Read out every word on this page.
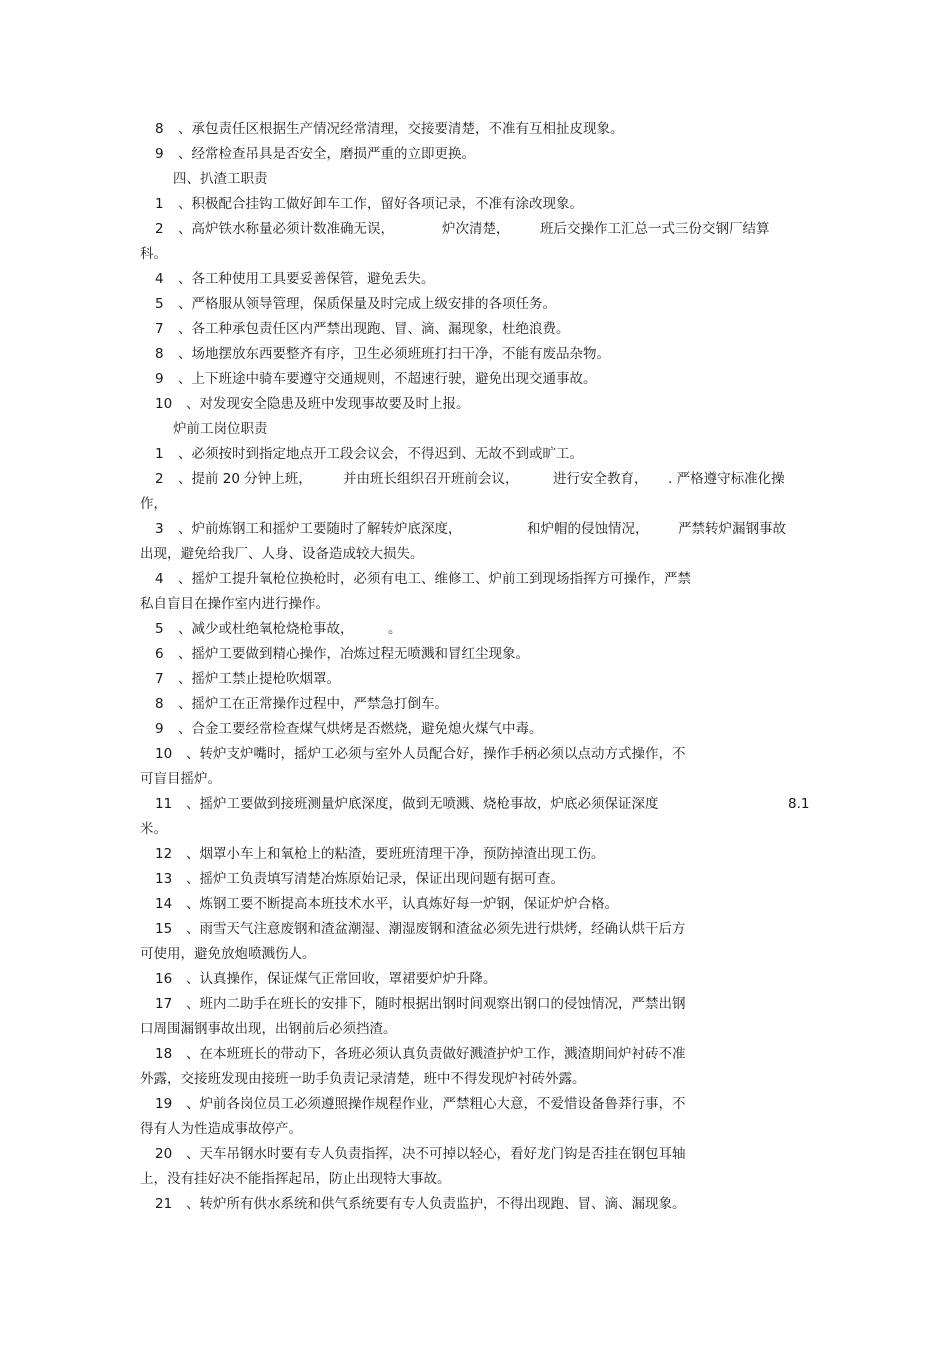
8 、承包责任区根据生产情况经常清理，交接要清楚，不准有互相扯皮现象。
9 、经常检查吊具是否安全，磨损严重的立即更换。
四、扒渣工职责
1 、积极配合挂钩工做好卸车工作，留好各项记录，不准有涂改现象。
2 、高炉铁水称量必须计数准确无误，	炉次清楚， 班后交操作工汇总一式三份交钢厂结算
科。
4 、各工种使用工具要妥善保管，避免丢失。
5 、严格服从领导管理，保质保量及时完成上级安排的各项任务。
7 、各工种承包责任区内严禁出现跑、冒、滴、漏现象，杜绝浪费。
8 、场地摆放东西要整齐有序，卫生必须班班打扫干净，不能有废品杂物。
9 、上下班途中骑车要遵守交通规则，不超速行驶，避免出现交通事故。
10 、对发现安全隐患及班中发现事故要及时上报。
炉前工岗位职责
1 、必须按时到指定地点开工段会议会，不得迟到、无故不到或旷工。
2 、提前 20 分钟上班， 并由班长组织召开班前会议，	进行安全教育， . 严格遵守标准化操
作，
3 、炉前炼钢工和摇炉工要随时了解转炉底深度，	和炉帽的侵蚀情况， 严禁转炉漏钢事故
出现，避免给我厂、人身、设备造成较大损失。
4 、摇炉工提升氧枪位换枪时，必须有电工、维修工、炉前工到现场指挥方可操作，严禁
私自盲目在操作室内进行操作。
5 、减少或杜绝氧枪烧枪事故，	。
6 、摇炉工要做到精心操作，冶炼过程无喷溅和冒红尘现象。
7 、摇炉工禁止提枪吹烟罩。
8 、摇炉工在正常操作过程中，严禁急打倒车。
9 、合金工要经常检查煤气烘烤是否燃烧，避免熄火煤气中毒。
10 、转炉支炉嘴时，摇炉工必须与室外人员配合好，操作手柄必须以点动方式操作，不
可盲目摇炉。
11 、摇炉工要做到接班测量炉底深度，做到无喷溅、烧枪事故，炉底必须保证深度	8.1
米。
12 、烟罩小车上和氧枪上的粘渣，要班班清理干净，预防掉渣出现工伤。
13 、摇炉工负责填写清楚冶炼原始记录，保证出现问题有据可查。
14 、炼钢工要不断提高本班技术水平，认真炼好每一炉钢，保证炉炉合格。
15 、雨雪天气注意废钢和渣盆潮湿、潮湿废钢和渣盆必须先进行烘烤，经确认烘干后方
可使用，避免放炮喷溅伤人。
16 、认真操作，保证煤气正常回收，罩裙要炉炉升降。
17 、班内二助手在班长的安排下，随时根据出钢时间观察出钢口的侵蚀情况，严禁出钢
口周围漏钢事故出现，出钢前后必须挡渣。
18 、在本班班长的带动下，各班必须认真负责做好溅渣护炉工作，溅渣期间炉衬砖不准
外露，交接班发现由接班一助手负责记录清楚，班中不得发现炉衬砖外露。
19 、炉前各岗位员工必须遵照操作规程作业，严禁粗心大意，不爱惜设备鲁莽行事，不
得有人为性造成事故停产。
20 、天车吊钢水时要有专人负责指挥，决不可掉以轻心，看好龙门钩是否挂在钢包耳轴
上，没有挂好决不能指挥起吊，防止出现特大事故。
21 、转炉所有供水系统和供气系统要有专人负责监护，不得出现跑、冒、滴、漏现象。
